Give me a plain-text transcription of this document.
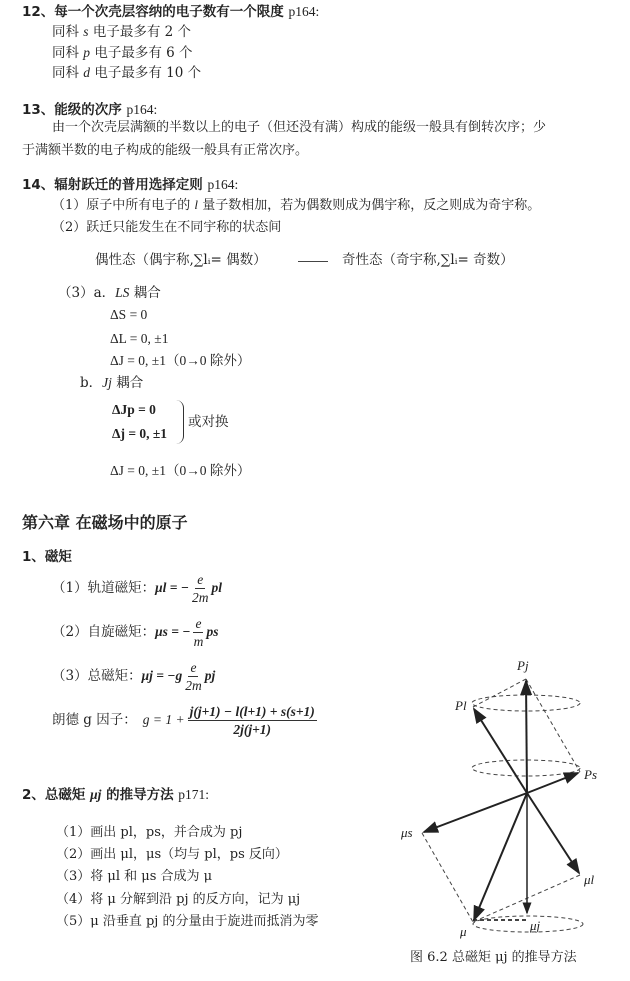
12、每一个次壳层容纳的电子数有一个限度 p164:
同科 s 电子最多有 2 个
同科 p 电子最多有 6 个
同科 d 电子最多有 10 个
13、能级的次序 p164:
由一个次壳层满额的半数以上的电子（但还没有满）构成的能级一般具有倒转次序；少
于满额半数的电子构成的能级一般具有正常次序。
14、辐射跃迁的普用选择定则 p164:
（1）原子中所有电子的 l 量子数相加，若为偶数则成为偶宇称，反之则成为奇宇称。
（2）跃迁只能发生在不同宇称的状态间
偶性态（偶宇称,∑lᵢ= 偶数）	奇性态（奇宇称,∑lᵢ= 奇数）
（3）a．LS 耦合
ΔS = 0
ΔL = 0, ±1
ΔJ = 0, ±1（0→0 除外）
b．Jj 耦合
ΔJp = 0
Δj = 0, ±1
或对换
ΔJ = 0, ±1（0→0 除外）
第六章 在磁场中的原子
1、磁矩
（1）轨道磁矩： μl = − $\frac{e}{2m}$ pl
（2）自旋磁矩： μs = − $\frac{e}{m}$ ps
（3）总磁矩： $\mu j = -g \frac{e}{2m}$ pj
朗德 g 因子： $g = 1 + \frac{j(j+1) - l(l+1) + s(s+1)}{2j(j+1)}$
2、总磁矩 μj 的推导方法 p171:
（1）画出 pl，ps，并合成为 pj
（2）画出 μl，μs（均与 pl，ps 反向）
（3）将 μl 和 μs 合成为 μ
（4）将 μ 分解到沿 pj 的反方向，记为 μj
（5）μ 沿垂直 pj 的分量由于旋进而抵消为零
Pj
Pl
Ps
μs
μl
μ	μj
图 6.2 总磁矩 μj 的推导方法
